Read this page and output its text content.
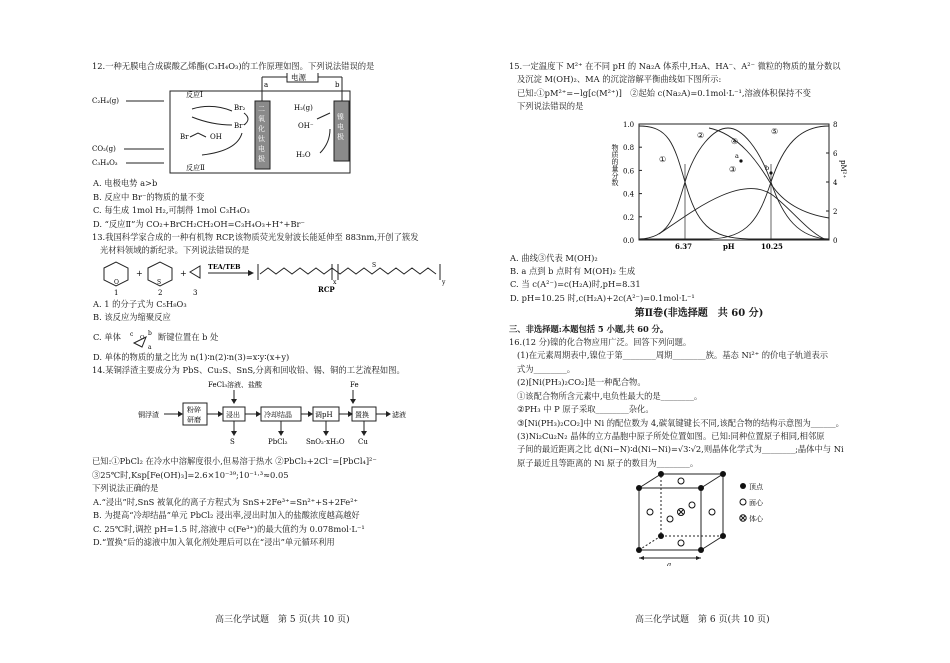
12.一种无膜电合成碳酸乙烯酯(C₃H₄O₃)的工作原理如图。下列说法错误的是
电源
a	b
二
氧
化
钛
电
极
镍
电
极
C₂H₄(g)
反应Ⅰ
Br₂
Br⁻
Br	OH
CO₂(g)
C₃H₄O₃
反应Ⅱ
H₂(g)
OH⁻
H₂O
A. 电极电势 a>b
B. 反应中 Br⁻的物质的量不变
C. 每生成 1mol H₂,可制得 1mol C₃H₄O₃
D. “反应Ⅱ”为 CO₂+BrCH₂CH₂OH=C₃H₄O₃+H⁺+Br⁻
13.我国科学家合成的一种有机物 RCP,该物质荧光发射波长能延伸至 883nm,开创了簇发
光材料领域的新纪录。下列说法错误的是
O
1
+
S
2
+
3
TEA/TEB
x	y
S
RCP
A. 1 的分子式为 C₅H₈O₃
B. 该反应为缩聚反应
C. 单体 c b
a
O 断键位置在 b 处
D. 单体的物质的量之比为 n(1)∶n(2)∶n(3)=x∶y∶(x+y)
14.某铜浮渣主要成分为 PbS、Cu₂S、SnS,分离和回收铅、锡、铜的工艺流程如图。
FeCl₃溶液、盐酸	Fe
铜浮渣
粉碎
研磨
浸出	冷却结晶	调pH	置换	滤液
S	PbCl₂	SnO₂·xH₂O Cu
已知:①PbCl₂ 在冷水中溶解度很小,但易溶于热水 ②PbCl₂+2Cl⁻=[PbCl₄]²⁻
③25℃时,Ksp[Fe(OH)₃]=2.6×10⁻³⁹;10⁻¹·³≈0.05
下列说法正确的是
A.“浸出”时,SnS 被氧化的离子方程式为 SnS+2Fe³⁺=Sn²⁺+S+2Fe²⁺
B. 为提高“冷却结晶”单元 PbCl₂ 浸出率,浸出时加入的盐酸浓度越高越好
C. 25℃时,调控 pH=1.5 时,溶液中 c(Fe³⁺)的最大值约为 0.078mol·L⁻¹
D.“置换”后的滤液中加入氧化剂处理后可以在“浸出”单元循环利用
高三化学试题　第 5 页(共 10 页)
15.一定温度下 M²⁺ 在不同 pH 的 Na₂A 体系中,H₂A、HA⁻、A²⁻ 微粒的物质的量分数以
及沉淀 M(OH)₂、MA 的沉淀溶解平衡曲线如下图所示:
已知:①pM²⁺=−lg[c(M²⁺)]　②起始 c(Na₂A)=0.1mol·L⁻¹,溶液体积保持不变
下列说法错误的是
0.0
0.2
0.4
0.6
0.8
1.0
0
2
4
6
8
物质的量分数	pM²⁺
6.37	10.25
pH
①
②
③
④
⑤
a
b
A. 曲线③代表 M(OH)₂
B. a 点到 b 点时有 M(OH)₂ 生成
C. 当 c(A²⁻)=c(H₂A)时,pH=8.31
D. pH=10.25 时,c(H₂A)+2c(A²⁻)=0.1mol·L⁻¹
第Ⅱ卷(非选择题　共 60 分)
三、非选择题:本题包括 5 小题,共 60 分。
16.(12 分)镍的化合物应用广泛。回答下列问题。
(1)在元素周期表中,镍位于第________周期________族。基态 Ni²⁺ 的价电子轨道表示
式为________。
(2)[Ni(PH₃)₂CO₂]是一种配合物。
①该配合物所含元素中,电负性最大的是________。
②PH₃ 中 P 原子采取________杂化。
③[Ni(PH₃)₂CO₂]中 Ni 的配位数为 4,碳氧键键长不同,该配合物的结构示意图为______。
(3)Ni₂Cu₂N₂ 晶体的立方晶胞中原子所处位置如图。已知:同种位置原子相同,相邻原
子间的最近距离之比 d(Ni−N)∶d(Ni−Ni)=√3∶√2,则晶体化学式为________;晶体中与 Ni
原子最近且等距离的 Ni 原子的数目为________。
a
顶点
面心
体心
高三化学试题　第 6 页(共 10 页)
